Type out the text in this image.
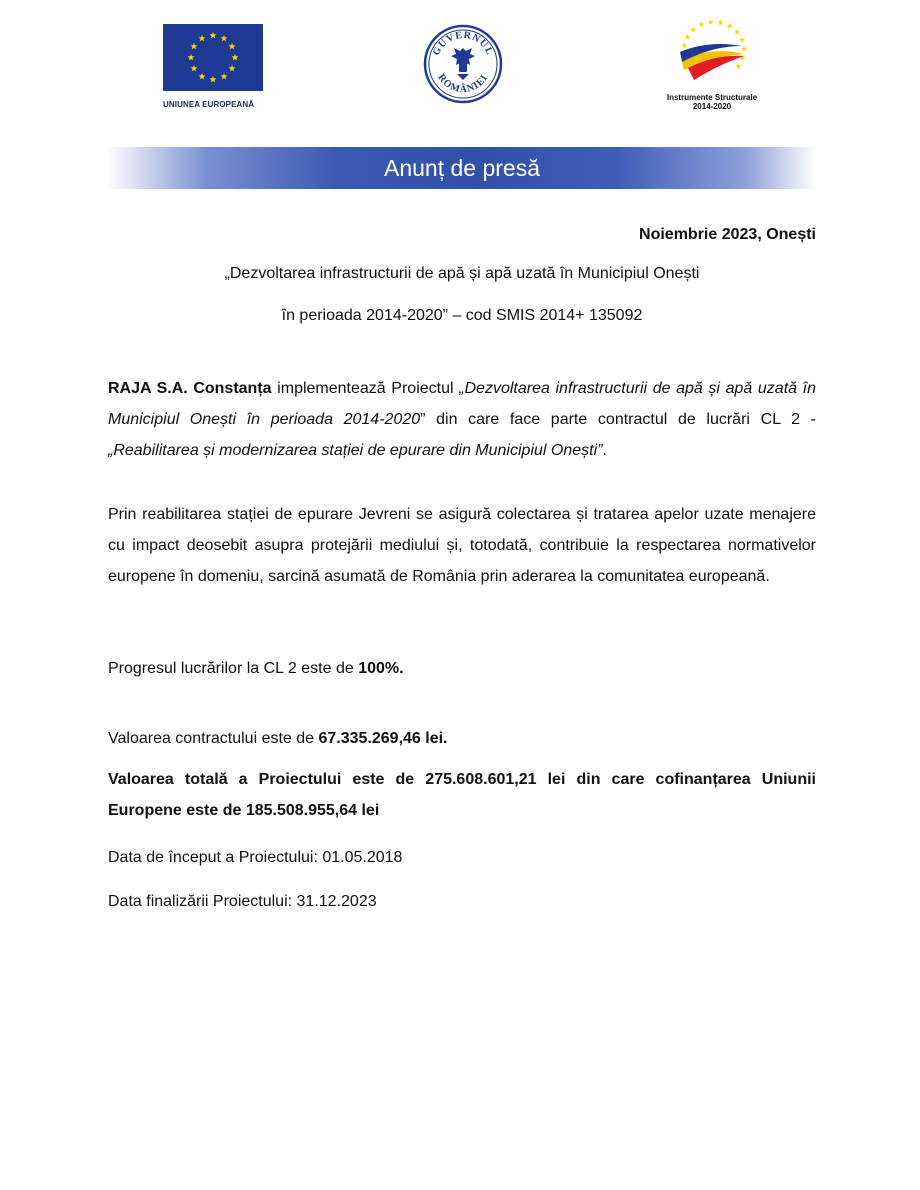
UNIUNEA EUROPEANĂ
GUVERNUL
ROMÂNIEI
Instrumente Structurale
2014-2020
Anunț de presă
Noiembrie 2023, Onești
„Dezvoltarea infrastructurii de apă și apă uzată în Municipiul Onești
în perioada 2014-2020” – cod SMIS 2014+ 135092
RAJA S.A. Constanța implementează Proiectul „Dezvoltarea infrastructurii de apă și apă uzată în Municipiul Onești în perioada 2014-2020” din care face parte contractul de lucrări CL 2 - „Reabilitarea și modernizarea stației de epurare din Municipiul Onești”.
Prin reabilitarea stației de epurare Jevreni se asigură colectarea și tratarea apelor uzate menajere cu impact deosebit asupra protejării mediului și, totodată, contribuie la respectarea normativelor europene în domeniu, sarcină asumată de România prin aderarea la comunitatea europeană.
Progresul lucrărilor la CL 2 este de 100%.
Valoarea contractului este de 67.335.269,46 lei.
Valoarea totală a Proiectului este de 275.608.601,21 lei din care cofinanțarea Uniunii Europene este de 185.508.955,64 lei
Data de început a Proiectului: 01.05.2018
Data finalizării Proiectului: 31.12.2023
